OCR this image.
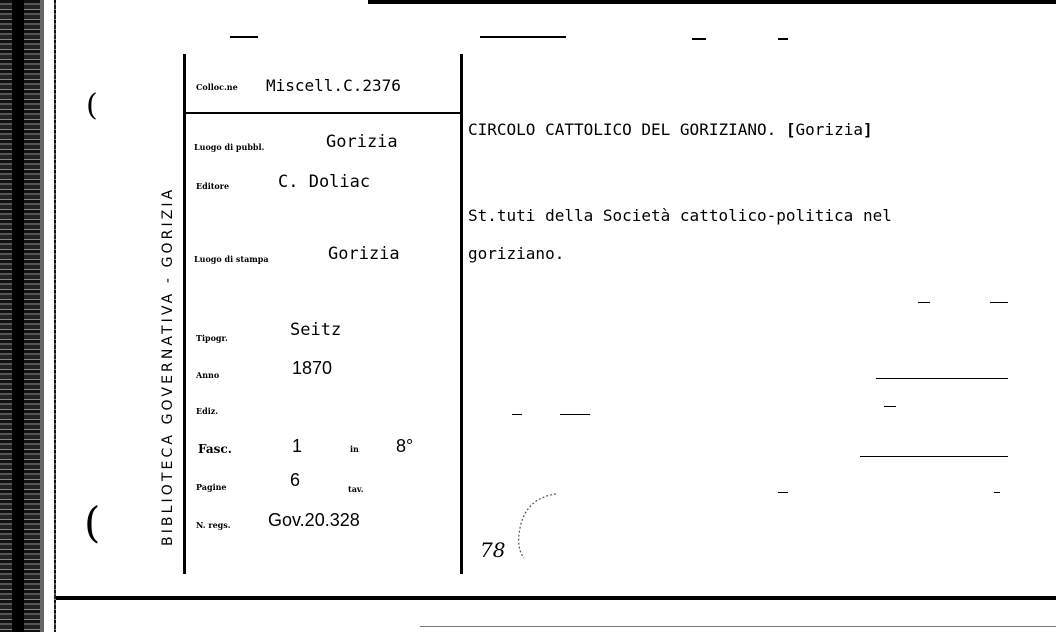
BIBLIOTECA GOVERNATIVA - GORIZIA
(
(
Colloc.ne Miscell.C.2376
Luogo di pubbl.	Gorizia
Editore	C. Doliac
Luogo di stampa	Gorizia
Tipogr.	Seitz
Anno	1870
Ediz.
Fasc.	1	in 8°
Pagine	6	tav.
N. regs. Gov.20.328
CIRCOLO CATTOLICO DEL GORIZIANO. [Gorizia]
St.tuti della Società cattolico-politica nel
goriziano.
78
